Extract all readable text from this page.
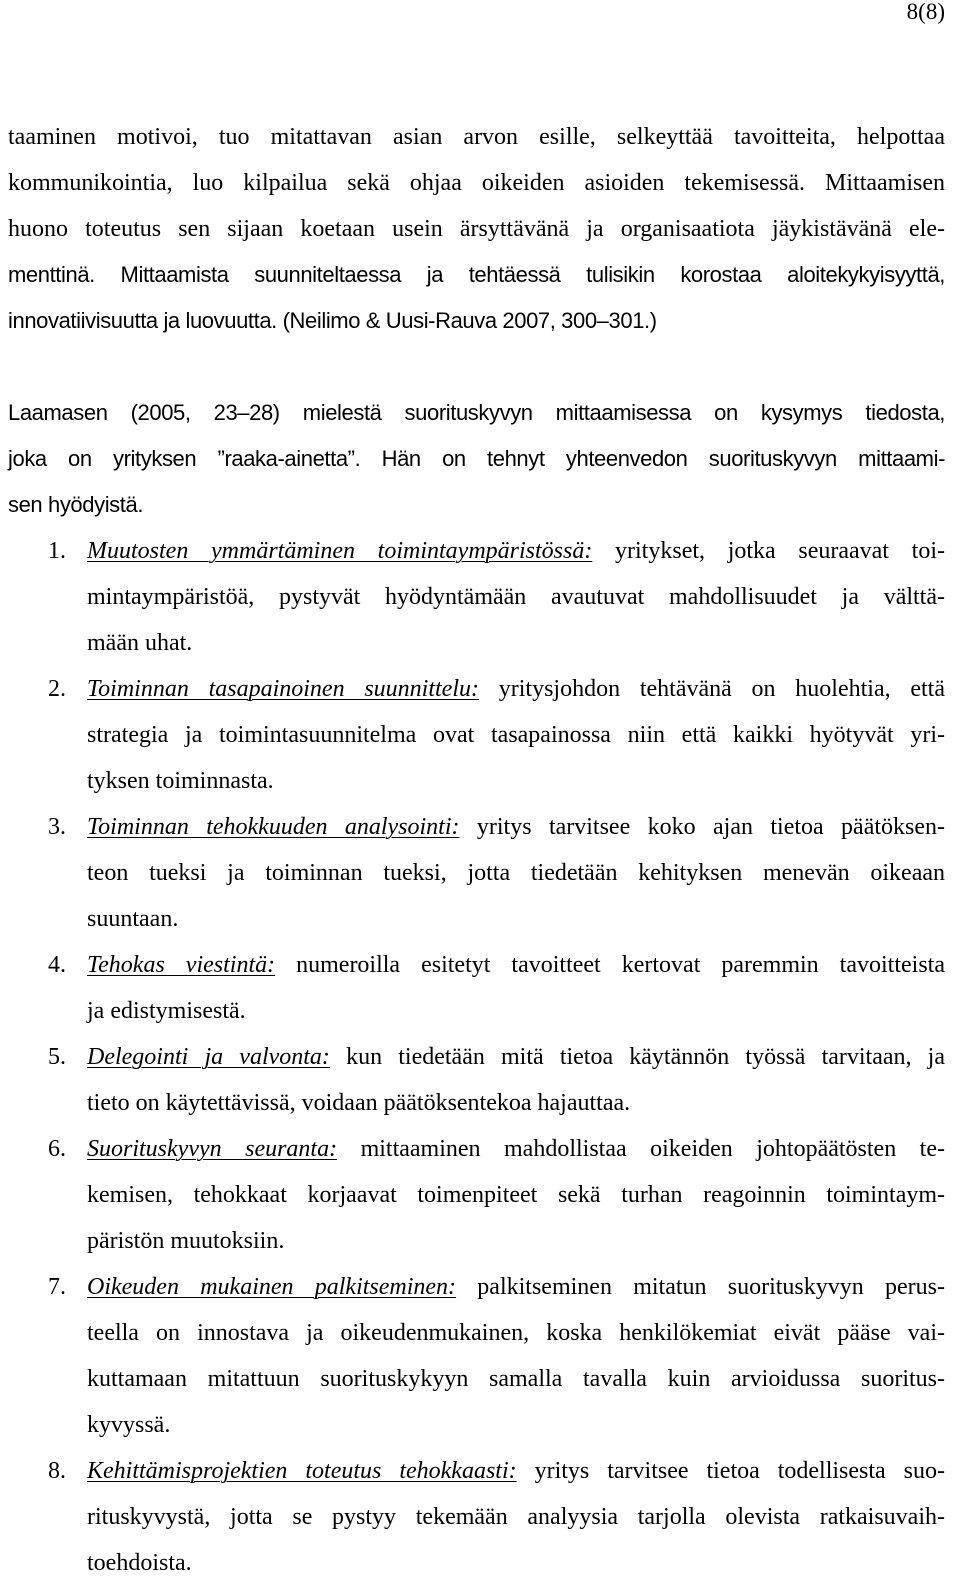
8(8)
taaminen motivoi, tuo mitattavan asian arvon esille, selkeyttää tavoitteita, helpottaa
kommunikointia, luo kilpailua sekä ohjaa oikeiden asioiden tekemisessä. Mittaamisen
huono toteutus sen sijaan koetaan usein ärsyttävänä ja organisaatiota jäykistävänä ele-
menttinä. Mittaamista suunniteltaessa ja tehtäessä tulisikin korostaa aloitekykyisyyttä,
innovatiivisuutta ja luovuutta. (Neilimo & Uusi-Rauva 2007, 300–301.)
Laamasen (2005, 23–28) mielestä suorituskyvyn mittaamisessa on kysymys tiedosta,
joka on yrityksen ”raaka-ainetta”. Hän on tehnyt yhteenvedon suorituskyvyn mittaami-
sen hyödyistä.
1. Muutosten ymmärtäminen toimintaympäristössä: yritykset, jotka seuraavat toi-
mintaympäristöä, pystyvät hyödyntämään avautuvat mahdollisuudet ja välttä-
mään uhat.
2. Toiminnan tasapainoinen suunnittelu: yritysjohdon tehtävänä on huolehtia, että
strategia ja toimintasuunnitelma ovat tasapainossa niin että kaikki hyötyvät yri-
tyksen toiminnasta.
3. Toiminnan tehokkuuden analysointi: yritys tarvitsee koko ajan tietoa päätöksen-
teon tueksi ja toiminnan tueksi, jotta tiedetään kehityksen menevän oikeaan
suuntaan.
4. Tehokas viestintä: numeroilla esitetyt tavoitteet kertovat paremmin tavoitteista
ja edistymisestä.
5. Delegointi ja valvonta: kun tiedetään mitä tietoa käytännön työssä tarvitaan, ja
tieto on käytettävissä, voidaan päätöksentekoa hajauttaa.
6. Suorituskyvyn seuranta: mittaaminen mahdollistaa oikeiden johtopäätösten te-
kemisen, tehokkaat korjaavat toimenpiteet sekä turhan reagoinnin toimintaym-
päristön muutoksiin.
7. Oikeuden mukainen palkitseminen: palkitseminen mitatun suorituskyvyn perus-
teella on innostava ja oikeudenmukainen, koska henkilökemiat eivät pääse vai-
kuttamaan mitattuun suorituskykyyn samalla tavalla kuin arvioidussa suoritus-
kyvyssä.
8. Kehittämisprojektien toteutus tehokkaasti: yritys tarvitsee tietoa todellisesta suo-
rituskyvystä, jotta se pystyy tekemään analyysia tarjolla olevista ratkaisuvaih-
toehdoista.
